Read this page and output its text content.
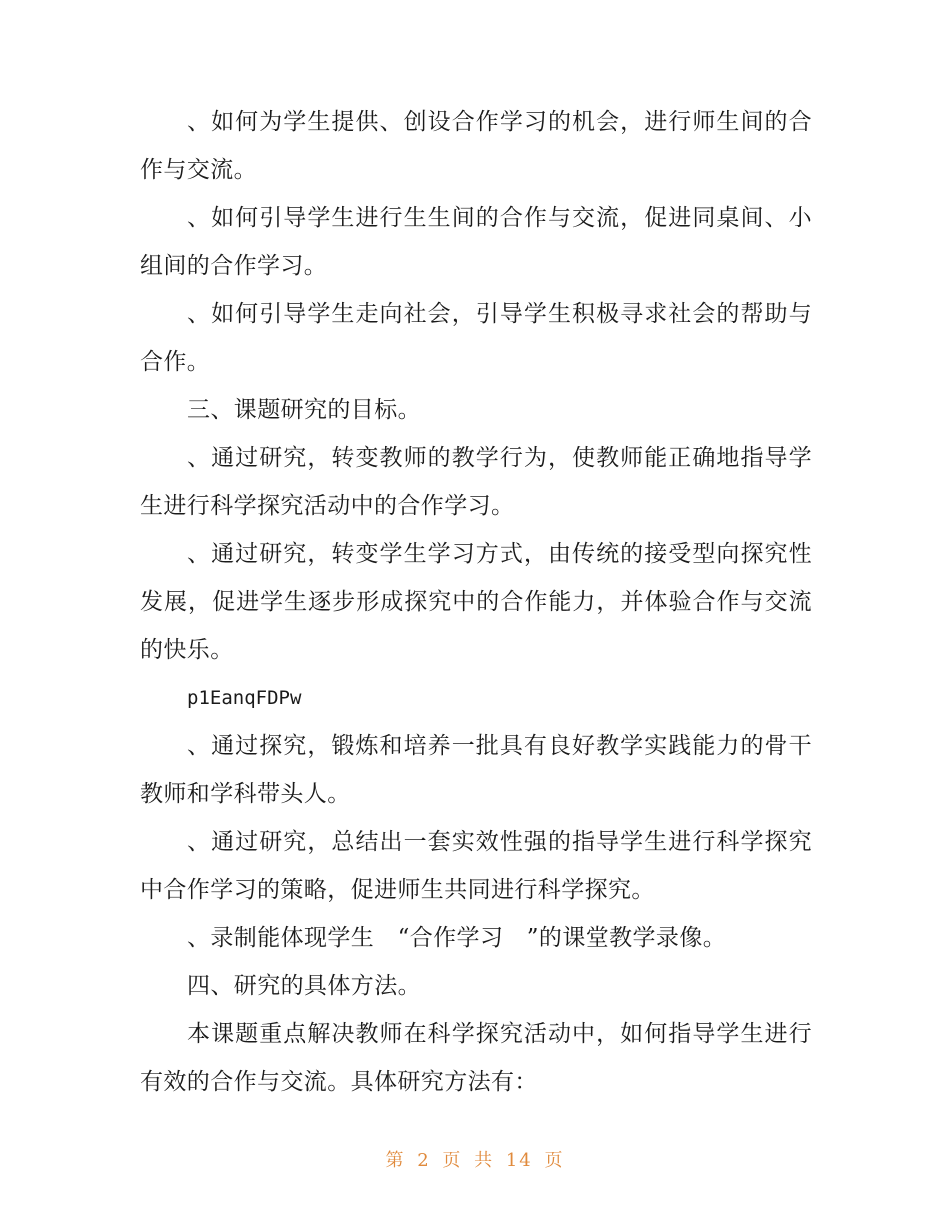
、如何为学生提供、创设合作学习的机会，进行师生间的合作与交流。

、如何引导学生进行生生间的合作与交流，促进同桌间、小组间的合作学习。

、如何引导学生走向社会，引导学生积极寻求社会的帮助与合作。

三、课题研究的目标。

、通过研究，转变教师的教学行为，使教师能正确地指导学生进行科学探究活动中的合作学习。

、通过研究，转变学生学习方式，由传统的接受型向探究性发展，促进学生逐步形成探究中的合作能力，并体验合作与交流的快乐。

p1EanqFDPw

、通过探究，锻炼和培养一批具有良好教学实践能力的骨干教师和学科带头人。

、通过研究，总结出一套实效性强的指导学生进行科学探究中合作学习的策略，促进师生共同进行科学探究。

、录制能体现学生　“合作学习　”的课堂教学录像。

四、研究的具体方法。

本课题重点解决教师在科学探究活动中，如何指导学生进行有效的合作与交流。具体研究方法有：

第 2 页 共 14 页
